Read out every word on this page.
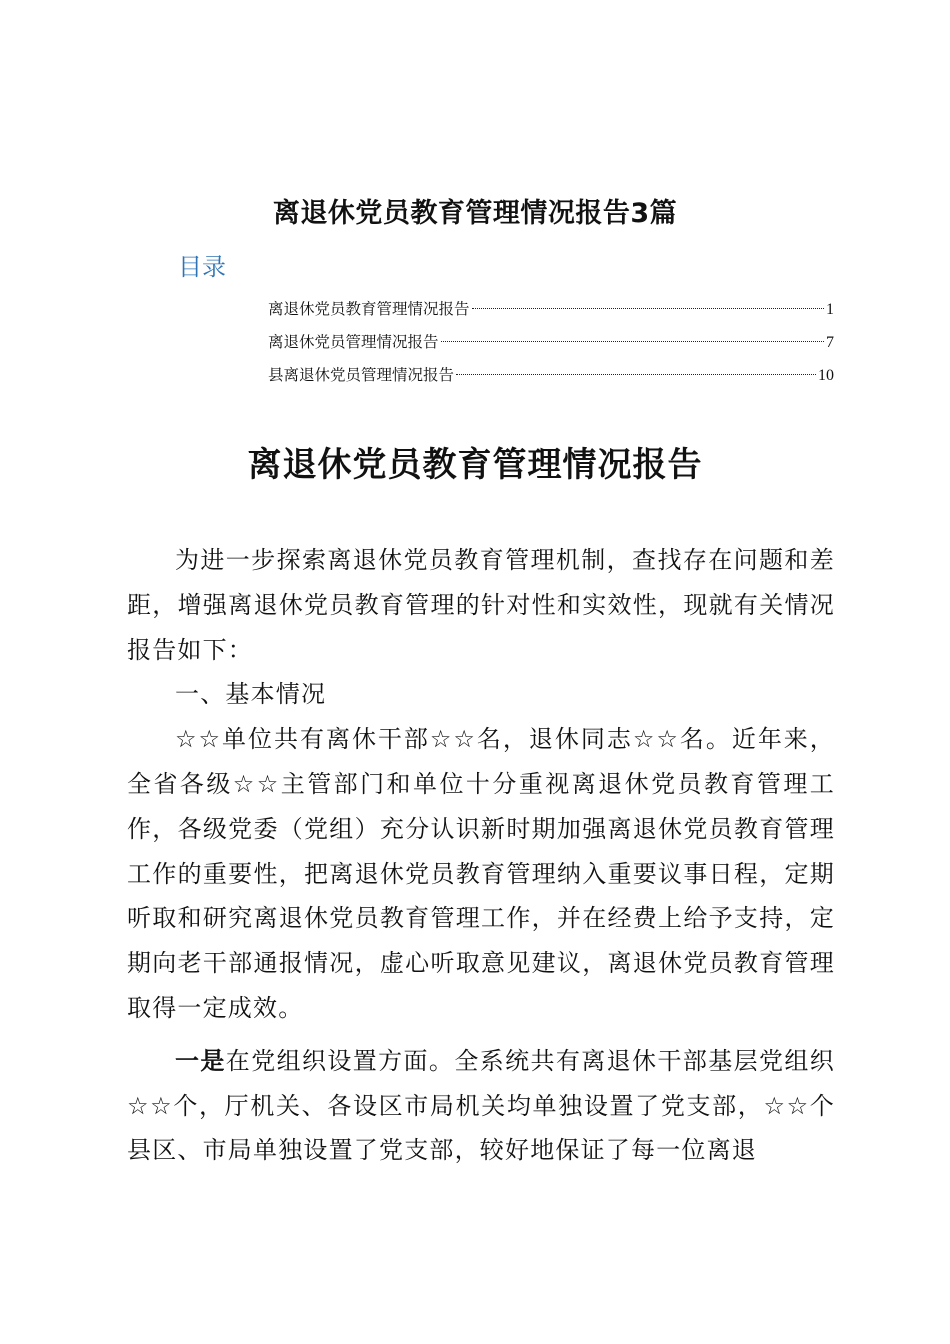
离退休党员教育管理情况报告3篇
目录
离退休党员教育管理情况报告	1
离退休党员管理情况报告	7
县离退休党员管理情况报告	10
离退休党员教育管理情况报告

为进一步探索离退休党员教育管理机制，查找存在问题和差距，增强离退休党员教育管理的针对性和实效性，现就有关情况报告如下：

一、基本情况

☆☆单位共有离休干部☆☆名，退休同志☆☆名。近年来，全省各级☆☆主管部门和单位十分重视离退休党员教育管理工作，各级党委（党组）充分认识新时期加强离退休党员教育管理工作的重要性，把离退休党员教育管理纳入重要议事日程，定期听取和研究离退休党员教育管理工作，并在经费上给予支持，定期向老干部通报情况，虚心听取意见建议，离退休党员教育管理取得一定成效。

一是在党组织设置方面。全系统共有离退休干部基层党组织☆☆个，厅机关、各设区市局机关均单独设置了党支部，☆☆个县区、市局单独设置了党支部，较好地保证了每一位离退
